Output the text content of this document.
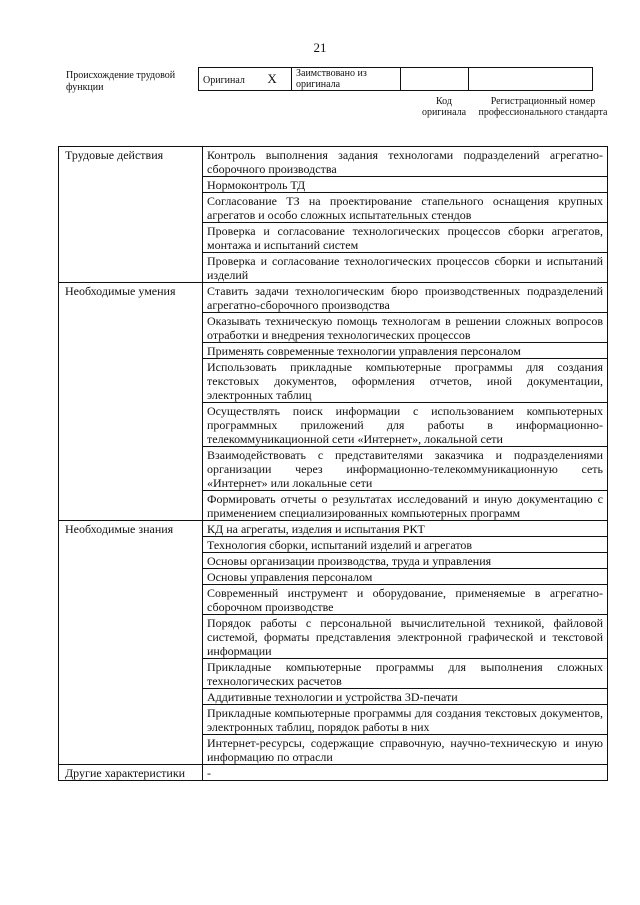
21
Происхождение трудовой функции
Оригинал X	Заимствовано из оригинала		
Код оригинала
Регистрационный номер профессионального стандарта
Трудовые действия	Контроль выполнения задания технологами подразделений агрегатно-сборочного производства
	Нормоконтроль ТД
	Согласование ТЗ на проектирование стапельного оснащения крупных агрегатов и особо сложных испытательных стендов
	Проверка и согласование технологических процессов сборки агрегатов, монтажа и испытаний систем
	Проверка и согласование технологических процессов сборки и испытаний изделий
Необходимые умения	Ставить задачи технологическим бюро производственных подразделений агрегатно-сборочного производства
	Оказывать техническую помощь технологам в решении сложных вопросов отработки и внедрения технологических процессов
	Применять современные технологии управления персоналом
	Использовать прикладные компьютерные программы для создания текстовых документов, оформления отчетов, иной документации, электронных таблиц
	Осуществлять поиск информации с использованием компьютерных программных приложений для работы в информационно-телекоммуникационной сети «Интернет», локальной сети
	Взаимодействовать с представителями заказчика и подразделениями организации через информационно-телекоммуникационную сеть «Интернет» или локальные сети
	Формировать отчеты о результатах исследований и иную документацию с применением специализированных компьютерных программ
Необходимые знания	КД на агрегаты, изделия и испытания РКТ
	Технология сборки, испытаний изделий и агрегатов
	Основы организации производства, труда и управления
	Основы управления персоналом
	Современный инструмент и оборудование, применяемые в агрегатно-сборочном производстве
	Порядок работы с персональной вычислительной техникой, файловой системой, форматы представления электронной графической и текстовой информации
	Прикладные компьютерные программы для выполнения сложных технологических расчетов
	Аддитивные технологии и устройства 3D-печати
	Прикладные компьютерные программы для создания текстовых документов, электронных таблиц, порядок работы в них
	Интернет-ресурсы, содержащие справочную, научно-техническую и иную информацию по отрасли
Другие характеристики	-
